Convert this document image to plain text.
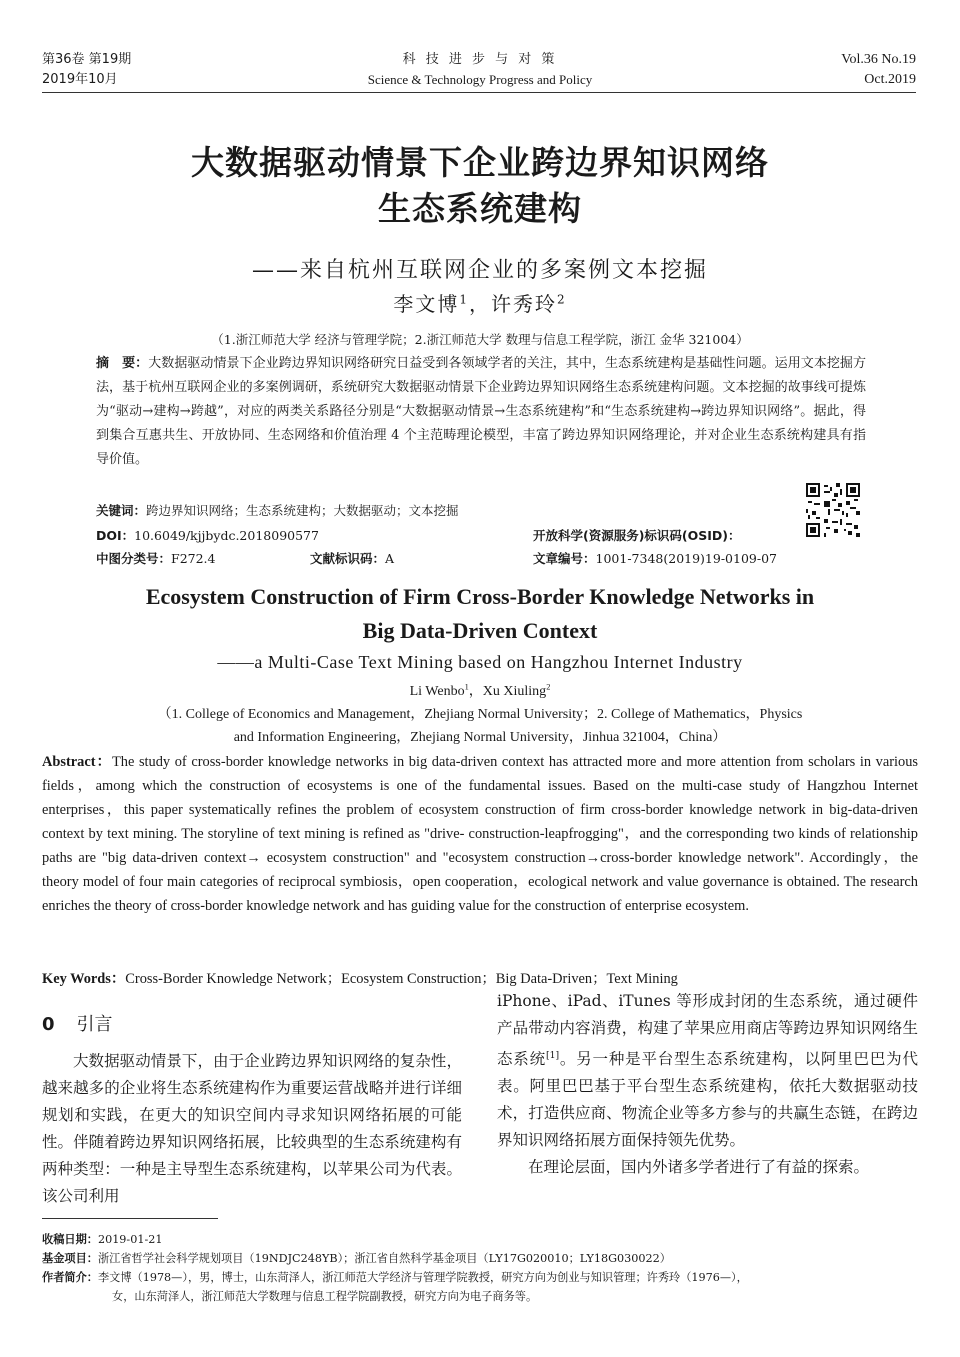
第36卷 第19期
2019年10月
科 技 进 步 与 对 策
Science & Technology Progress and Policy
Vol.36 No.19
Oct.2019
大数据驱动情景下企业跨边界知识网络
生态系统建构
——来自杭州互联网企业的多案例文本挖掘
李文博$^1$，许秀玲$^2$
（1.浙江师范大学 经济与管理学院；2.浙江师范大学 数理与信息工程学院，浙江 金华 321004）
摘　要：大数据驱动情景下企业跨边界知识网络研究日益受到各领域学者的关注，其中，生态系统建构是基础性问题。运用文本挖掘方法，基于杭州互联网企业的多案例调研，系统研究大数据驱动情景下企业跨边界知识网络生态系统建构问题。文本挖掘的故事线可提炼为“驱动→建构→跨越”，对应的两类关系路径分别是“大数据驱动情景→生态系统建构”和“生态系统建构→跨边界知识网络”。据此，得到集合互惠共生、开放协同、生态网络和价值治理 4 个主范畴理论模型，丰富了跨边界知识网络理论，并对企业生态系统构建具有指导价值。
关键词：跨边界知识网络；生态系统建构；大数据驱动；文本挖掘
DOI：10.6049/kjjbydc.2018090577	开放科学(资源服务)标识码(OSID)：
中图分类号：F272.4	文献标识码：A	文章编号：1001-7348(2019)19-0109-07
Ecosystem Construction of Firm Cross-Border Knowledge Networks in
Big Data-Driven Context
——a Multi-Case Text Mining based on Hangzhou Internet Industry
Li Wenbo$^1$，Xu Xiuling$^2$
（1. College of Economics and Management，Zhejiang Normal University；2. College of Mathematics，Physics
and Information Engineering，Zhejiang Normal University，Jinhua 321004，China）
Abstract：The study of cross-border knowledge networks in big data-driven context has attracted more and more attention from scholars in various fields，among which the construction of ecosystems is one of the fundamental issues. Based on the multi-case study of Hangzhou Internet enterprises，this paper systematically refines the problem of ecosystem construction of firm cross-border knowledge network in big-data-driven context by text mining. The storyline of text mining is refined as "drive- construction-leapfrogging"，and the corresponding two kinds of relationship paths are "big data-driven context→ ecosystem construction" and "ecosystem construction→cross-border knowledge network". Accordingly，the theory model of four main categories of reciprocal symbiosis，open cooperation，ecological network and value governance is obtained. The research enriches the theory of cross-border knowledge network and has guiding value for the construction of enterprise ecosystem.
Key Words：Cross-Border Knowledge Network；Ecosystem Construction；Big Data-Driven；Text Mining
0 引言

大数据驱动情景下，由于企业跨边界知识网络的复杂性，越来越多的企业将生态系统建构作为重要运营战略并进行详细规划和实践，在更大的知识空间内寻求知识网络拓展的可能性。伴随着跨边界知识网络拓展，比较典型的生态系统建构有两种类型：一种是主导型生态系统建构，以苹果公司为代表。该公司利用

iPhone、iPad、iTunes 等形成封闭的生态系统，通过硬件产品带动内容消费，构建了苹果应用商店等跨边界知识网络生态系统[1]。另一种是平台型生态系统建构，以阿里巴巴为代表。阿里巴巴基于平台型生态系统建构，依托大数据驱动技术，打造供应商、物流企业等多方参与的共赢生态链，在跨边界知识网络拓展方面保持领先优势。

在理论层面，国内外诸多学者进行了有益的探索。

收稿日期：2019-01-21
基金项目：浙江省哲学社会科学规划项目（19NDJC248YB）；浙江省自然科学基金项目（LY17G020010；LY18G030022）
作者简介：李文博（1978—），男，博士，山东菏泽人，浙江师范大学经济与管理学院教授，研究方向为创业与知识管理；许秀玲（1976—），
女，山东菏泽人，浙江师范大学数理与信息工程学院副教授，研究方向为电子商务等。
